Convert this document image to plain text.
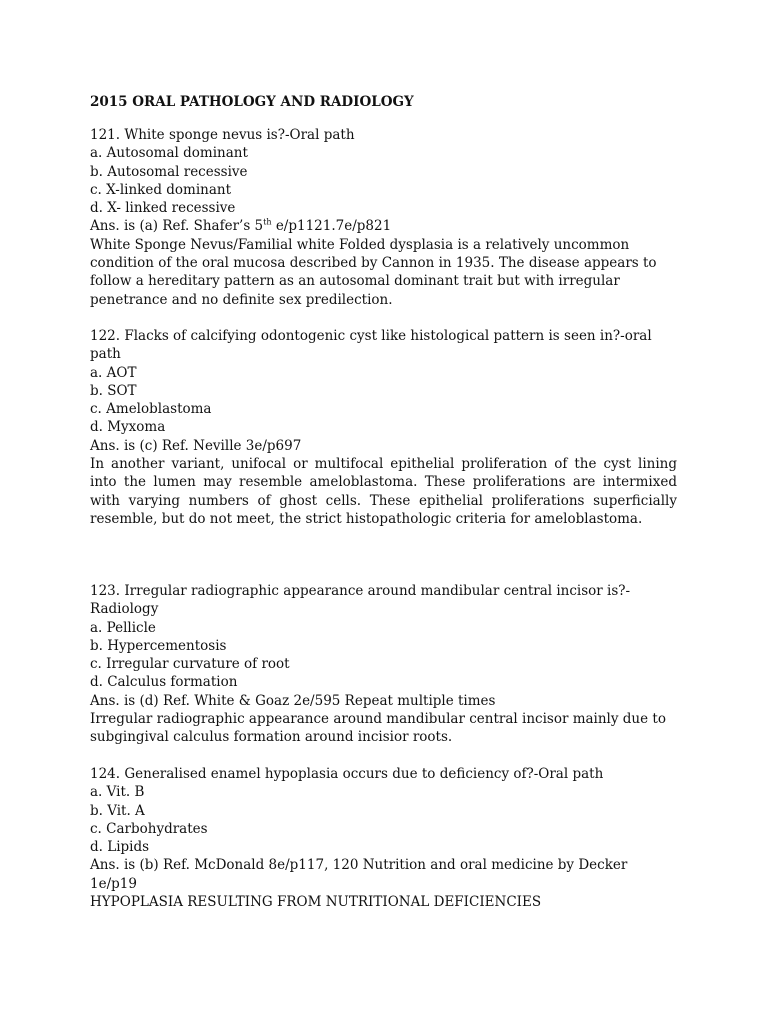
2015 ORAL PATHOLOGY AND RADIOLOGY
121. White sponge nevus is?-Oral path
a. Autosomal dominant
b. Autosomal recessive
c. X-linked dominant
d. X- linked recessive
Ans. is (a) Ref. Shafer’s 5th e/p1121.7e/p821
White Sponge Nevus/Familial white Folded dysplasia is a relatively uncommon condition of the oral mucosa described by Cannon in 1935. The disease appears to follow a hereditary pattern as an autosomal dominant trait but with irregular penetrance and no definite sex predilection.
122. Flacks of calcifying odontogenic cyst like histological pattern is seen in?-oral path
a. AOT
b. SOT
c. Ameloblastoma
d. Myxoma
Ans. is (c) Ref. Neville 3e/p697
In another variant, unifocal or multifocal epithelial proliferation of the cyst lining into the lumen may resemble ameloblastoma. These proliferations are intermixed with varying numbers of ghost cells. These epithelial proliferations superficially resemble, but do not meet, the strict histopathologic criteria for ameloblastoma.
123. Irregular radiographic appearance around mandibular central incisor is?-Radiology
a. Pellicle
b. Hypercementosis
c. Irregular curvature of root
d. Calculus formation
Ans. is (d) Ref. White & Goaz 2e/595 Repeat multiple times
Irregular radiographic appearance around mandibular central incisor mainly due to subgingival calculus formation around incisior roots.
124. Generalised enamel hypoplasia occurs due to deficiency of?-Oral path
a. Vit. B
b. Vit. A
c. Carbohydrates
d. Lipids
Ans. is (b) Ref. McDonald 8e/p117, 120 Nutrition and oral medicine by Decker 1e/p19
HYPOPLASIA RESULTING FROM NUTRITIONAL DEFICIENCIES
